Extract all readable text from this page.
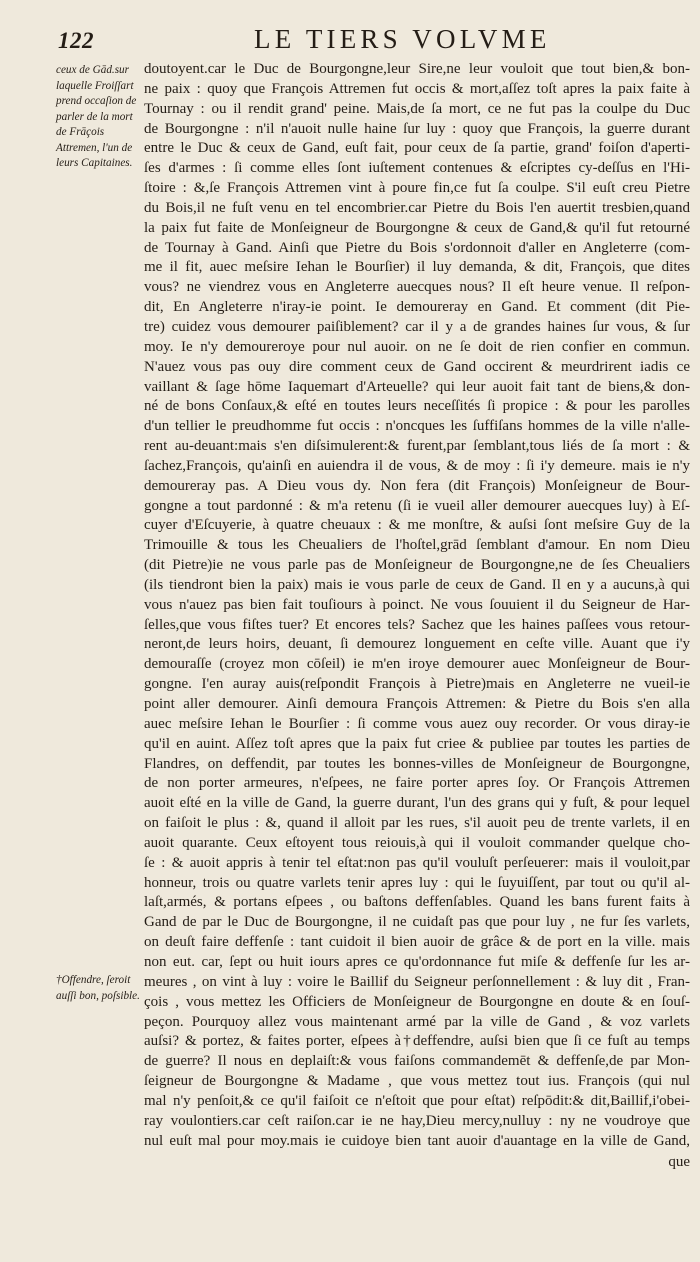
122	LE TIERS VOLVME
ceux de Gād.sur laquelle Froiſſart prend occaſion de parler de la mort de Frāçois Attremen, l'un de leurs Capitaines.
†Offendre, ſeroit auſſi bon, poſsible.
doutoyent.car le Duc de Bourgongne,leur Sire,ne leur vouloit que tout bien,& bon-
ne paix : quoy que François Attremen fut occis & mort,aſſez toſt apres la paix faite à
Tournay : ou il rendit grand' peine. Mais,de ſa mort, ce ne fut pas la coulpe du Duc
de Bourgongne : n'il n'auoit nulle haine ſur luy : quoy que François, la guerre durant
entre le Duc & ceux de Gand, euſt fait, pour ceux de ſa partie, grand' foiſon d'aperti-
ſes d'armes : ſi comme elles ſont iuſtement contenues & eſcriptes cy-deſſus en l'Hi-
ſtoire : &,ſe François Attremen vint à poure fin,ce fut ſa coulpe. S'il euſt creu Pietre
du Bois,il ne fuſt venu en tel encombrier.car Pietre du Bois l'en auertit tresbien,quand
la paix fut faite de Monſeigneur de Bourgongne & ceux de Gand,& qu'il fut retourné
de Tournay à Gand. Ainſi que Pietre du Bois s'ordonnoit d'aller en Angleterre (com-
me il fit, auec meſsire Iehan le Bourſier) il luy demanda, & dit, François, que dites
vous? ne viendrez vous en Angleterre auecques nous? Il eſt heure venue. Il reſpon-
dit, En Angleterre n'iray-ie point. Ie demoureray en Gand. Et comment (dit Pie-
tre) cuidez vous demourer paiſiblement? car il y a de grandes haines ſur vous, & ſur
moy. Ie n'y demoureroye pour nul auoir. on ne ſe doit de rien confier en commun.
N'auez vous pas ouy dire comment ceux de Gand occirent & meurdrirent iadis ce
vaillant & ſage hōme Iaquemart d'Arteuelle? qui leur auoit fait tant de biens,& don-
né de bons Conſaux,& eſté en toutes leurs neceſſités ſi propice : & pour les parolles
d'un tellier le preudhomme fut occis : n'oncques les ſuffiſans hommes de la ville n'alle-
rent au-deuant:mais s'en diſsimulerent:& furent,par ſemblant,tous liés de ſa mort : &
ſachez,François, qu'ainſi en auiendra il de vous, & de moy : ſi i'y demeure. mais ie n'y
demoureray pas. A Dieu vous dy. Non fera (dit François) Monſeigneur de Bour-
gongne a tout pardonné : & m'a retenu (ſi ie vueil aller demourer auecques luy) à Eſ-
cuyer d'Eſcuyerie, à quatre cheuaux : & me monſtre, & auſsi ſont meſsire Guy de la
Trimouille & tous les Cheualiers de l'hoſtel,grād ſemblant d'amour. En nom Dieu
(dit Pietre)ie ne vous parle pas de Monſeigneur de Bourgongne,ne de ſes Cheualiers
(ils tiendront bien la paix) mais ie vous parle de ceux de Gand. Il en y a aucuns,à qui
vous n'auez pas bien fait touſiours à poinct. Ne vous ſouuient il du Seigneur de Har-
ſelles,que vous fiſtes tuer? Et encores tels? Sachez que les haines paſſees vous retour-
neront,de leurs hoirs, deuant, ſi demourez longuement en ceſte ville. Auant que i'y
demouraſſe (croyez mon cōſeil) ie m'en iroye demourer auec Monſeigneur de Bour-
gongne. I'en auray auis(reſpondit François à Pietre)mais en Angleterre ne vueil-ie
point aller demourer. Ainſi demoura François Attremen: & Pietre du Bois s'en alla
auec meſsire Iehan le Bourſier : ſi comme vous auez ouy recorder. Or vous diray-ie
qu'il en auint. Aſſez toſt apres que la paix fut criee & publiee par toutes les parties de
Flandres, on deffendit, par toutes les bonnes-villes de Monſeigneur de Bourgongne,
de non porter armeures, n'eſpees, ne faire porter apres ſoy. Or François Attremen
auoit eſté en la ville de Gand, la guerre durant, l'un des grans qui y fuſt, & pour lequel
on faiſoit le plus : &, quand il alloit par les rues, s'il auoit peu de trente varlets, il en
auoit quarante. Ceux eſtoyent tous reiouis,à qui il vouloit commander quelque cho-
ſe : & auoit appris à tenir tel eſtat:non pas qu'il vouluſt perſeuerer: mais il vouloit,par
honneur, trois ou quatre varlets tenir apres luy : qui le ſuyuiſſent, par tout ou qu'il al-
laſt,armés, & portans eſpees , ou baſtons deffenſables. Quand les bans furent faits à
Gand de par le Duc de Bourgongne, il ne cuidaſt pas que pour luy , ne fur ſes varlets,
on deuſt faire deffenſe : tant cuidoit il bien auoir de grâce & de port en la ville. mais
non eut. car, ſept ou huit iours apres ce qu'ordonnance fut miſe & deffenſe ſur les ar-
meures , on vint à luy : voire le Baillif du Seigneur perſonnellement : & luy dit , Fran-
çois , vous mettez les Officiers de Monſeigneur de Bourgongne en doute & en ſouſ-
peçon. Pourquoy allez vous maintenant armé par la ville de Gand , & voz varlets
auſsi? & portez, & faites porter, eſpees à†deffendre, auſsi bien que ſi ce fuſt au temps
de guerre? Il nous en deplaiſt:& vous faiſons commandemēt & deffenſe,de par Mon-
ſeigneur de Bourgongne & Madame , que vous mettez tout ius. François (qui nul
mal n'y penſoit,& ce qu'il faiſoit ce n'eſtoit que pour eſtat) reſpōdit:& dit,Baillif,i'obei-
ray voulontiers.car ceſt raiſon.car ie ne hay,Dieu mercy,nulluy : ny ne voudroye que
nul euſt mal pour moy.mais ie cuidoye bien tant auoir d'auantage en la ville de Gand,
que
